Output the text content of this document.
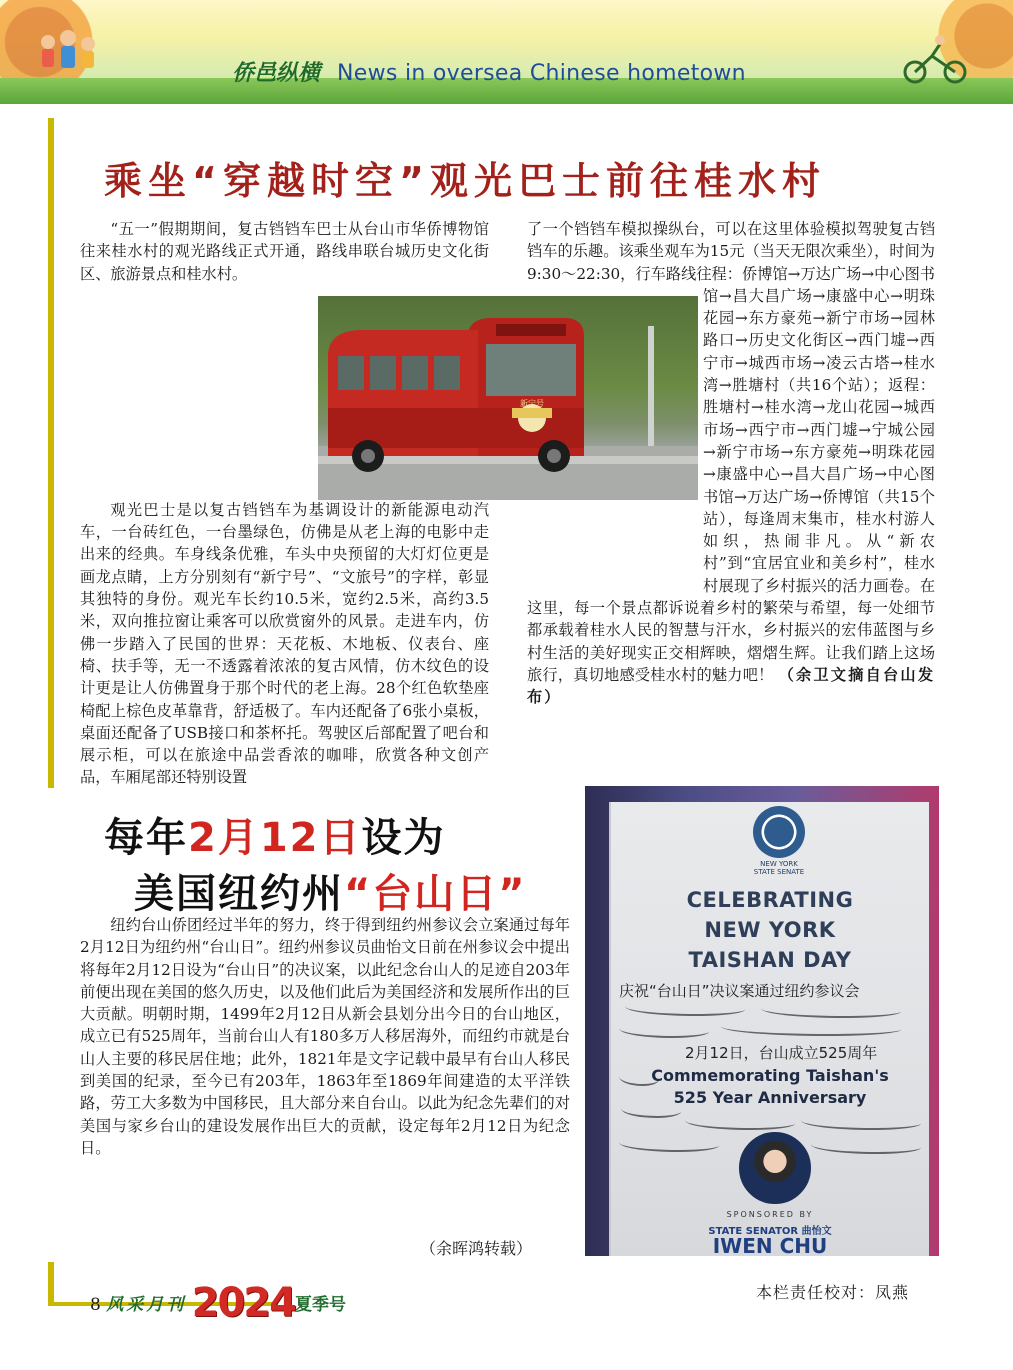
侨邑纵横 News in oversea Chinese hometown
乘坐“穿越时空”观光巴士前往桂水村

“五一”假期期间，复古铛铛车巴士从台山市华侨博物馆往来桂水村的观光路线正式开通，路线串联台城历史文化街区、旅游景点和桂水村。

观光巴士是以复古铛铛车为基调设计的新能源电动汽车，一台砖红色，一台墨绿色，仿佛是从老上海的电影中走出来的经典。车身线条优雅，车头中央预留的大灯灯位更是画龙点睛，上方分别刻有“新宁号”、“文旅号”的字样，彰显其独特的身份。观光车长约10.5米，宽约2.5米，高约3.5米，双向推拉窗让乘客可以欣赏窗外的风景。走进车内，仿佛一步踏入了民国的世界：天花板、木地板、仪表台、座椅、扶手等，无一不透露着浓浓的复古风情，仿木纹色的设计更是让人仿佛置身于那个时代的老上海。28个红色软垫座椅配上棕色皮革靠背，舒适极了。车内还配备了6张小桌板，桌面还配备了USB接口和茶杯托。驾驶区后部配置了吧台和展示柜，可以在旅途中品尝香浓的咖啡，欣赏各种文创产品，车厢尾部还特别设置

了一个铛铛车模拟操纵台，可以在这里体验模拟驾驶复古铛铛车的乐趣。该乘坐观车为15元（当天无限次乘坐），时间为9:30～22:30，行车路线往程：侨博馆→万达广场→中心图书馆→昌大昌广场→康盛中心→明珠花园→东方豪苑→新宁市场→园林路口→历史文化街区→西门墟→西宁市→城西市场→凌云古塔→桂水湾→胜塘村（共16个站）；返程：胜塘村→桂水湾→龙山花园→城西市场→西宁市→西门墟→宁城公园→新宁市场→东方豪苑→明珠花园→康盛中心→昌大昌广场→中心图书馆→万达广场→侨博馆（共15个站），每逢周末集市，桂水村游人如织，热闹非凡。从“新农村”到“宜居宜业和美乡村”，桂水村展现了乡村振兴的活力画卷。在这里，每一个景点都诉说着乡村的繁荣与希望，每一处细节都承载着桂水人民的智慧与汗水，乡村振兴的宏伟蓝图与乡村生活的美好现实正交相辉映，熠熠生辉。让我们踏上这场旅行，真切地感受桂水村的魅力吧！ （余卫文摘自台山发布）
新宁号
每年2月12日设为
美国纽约州“台山日”

纽约台山侨团经过半年的努力，终于得到纽约州参议会立案通过每年2月12日为纽约州“台山日”。纽约州参议员曲怡文日前在州参议会中提出将每年2月12日设为“台山日”的决议案，以此纪念台山人的足迹自203年前便出现在美国的悠久历史，以及他们此后为美国经济和发展所作出的巨大贡献。明朝时期，1499年2月12日从新会县划分出今日的台山地区，成立已有525周年，当前台山人有180多万人移居海外，而纽约市就是台山人主要的移民居住地；此外，1821年是文字记载中最早有台山人移民到美国的纪录，至今已有203年，1863年至1869年间建造的太平洋铁路，劳工大多数为中国移民，且大部分来自台山。以此为纪念先辈们的对美国与家乡台山的建设发展作出巨大的贡献，设定每年2月12日为纪念日。

（余晖鸿转载）
NEW YORK STATE SENATE
CELEBRATING
NEW YORK
TAISHAN DAY
庆祝“台山日”决议案通过纽约参议会
2月12日，台山成立525周年
Commemorating Taishan's
525 Year Anniversary
SPONSORED BY
STATE SENATOR 曲怡文
IWEN CHU
8 风采月刊 2024夏季号
本栏责任校对：凤燕
